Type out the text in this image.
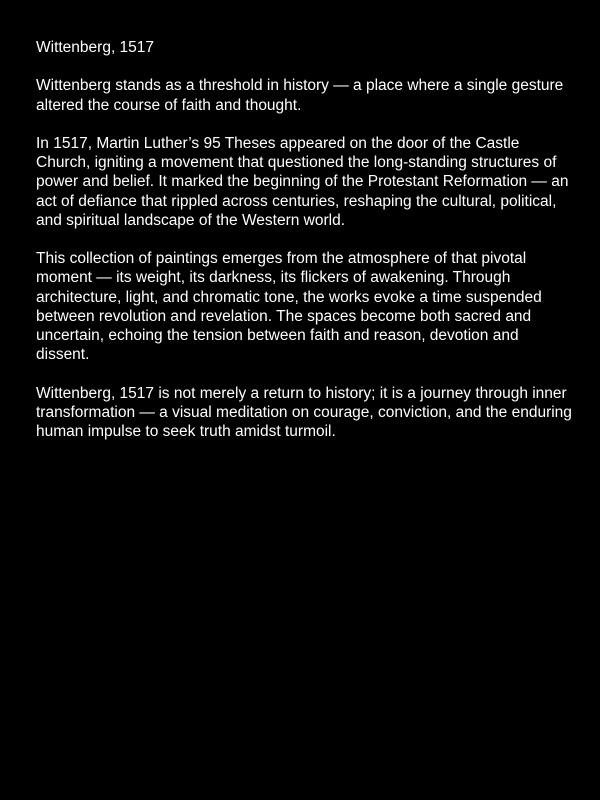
Wittenberg, 1517

Wittenberg stands as a threshold in history — a place where a single gesture altered the course of faith and thought.

In 1517, Martin Luther’s 95 Theses appeared on the door of the Castle Church, igniting a movement that questioned the long-standing structures of power and belief. It marked the beginning of the Protestant Reformation — an act of defiance that rippled across centuries, reshaping the cultural, political, and spiritual landscape of the Western world.

This collection of paintings emerges from the atmosphere of that pivotal moment — its weight, its darkness, its flickers of awakening. Through architecture, light, and chromatic tone, the works evoke a time suspended between revolution and revelation. The spaces become both sacred and uncertain, echoing the tension between faith and reason, devotion and dissent.

Wittenberg, 1517 is not merely a return to history; it is a journey through inner transformation — a visual meditation on courage, conviction, and the enduring human impulse to seek truth amidst turmoil.
